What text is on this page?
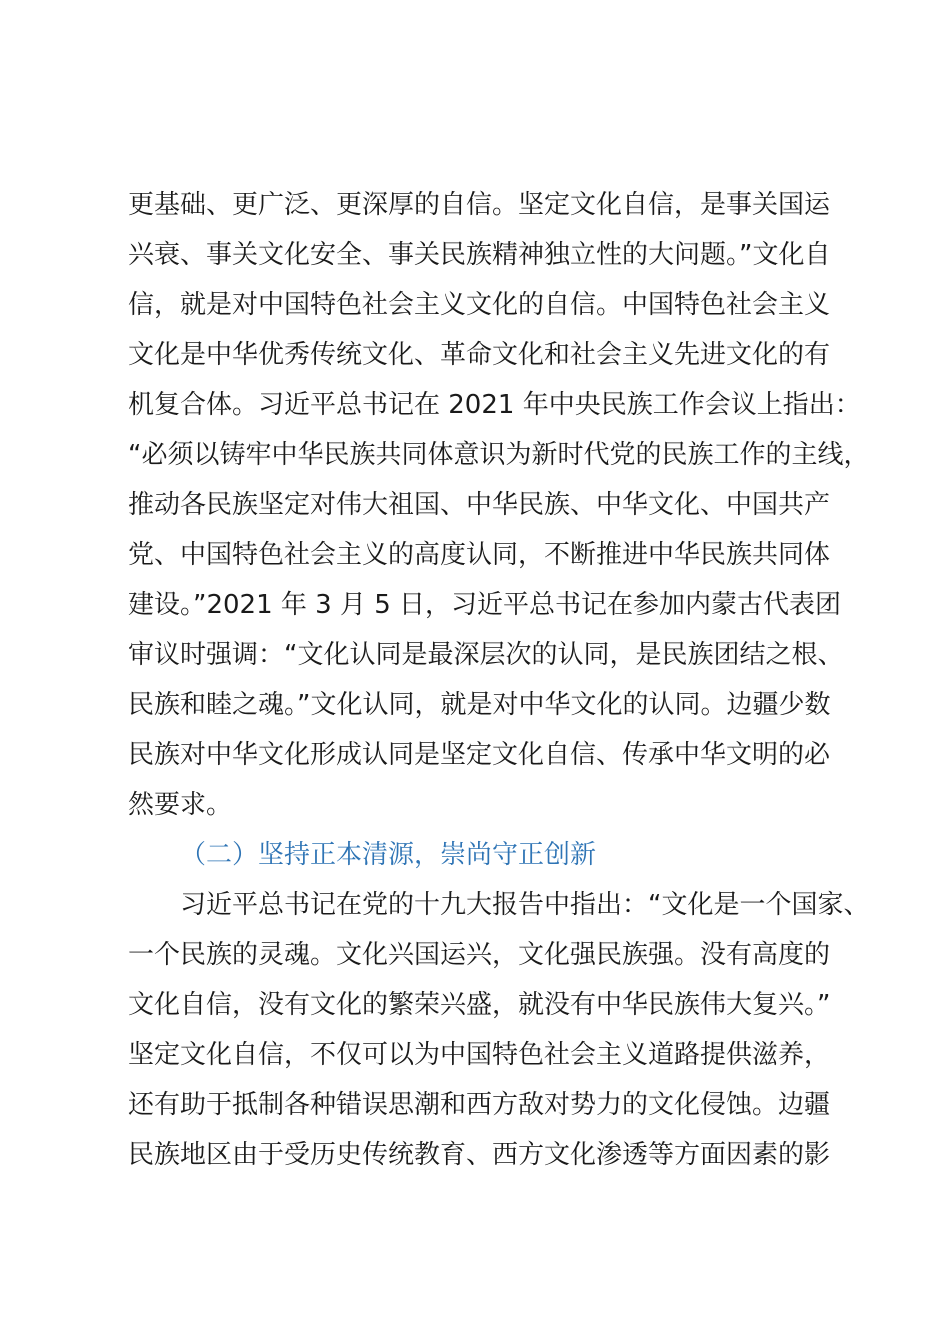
更基础、更广泛、更深厚的自信。坚定文化自信，是事关国运
兴衰、事关文化安全、事关民族精神独立性的大问题。”文化自
信，就是对中国特色社会主义文化的自信。中国特色社会主义
文化是中华优秀传统文化、革命文化和社会主义先进文化的有
机复合体。习近平总书记在 2021 年中央民族工作会议上指出：
“必须以铸牢中华民族共同体意识为新时代党的民族工作的主线，
推动各民族坚定对伟大祖国、中华民族、中华文化、中国共产
党、中国特色社会主义的高度认同，不断推进中华民族共同体
建设。”2021 年 3 月 5 日，习近平总书记在参加内蒙古代表团
审议时强调：“文化认同是最深层次的认同，是民族团结之根、
民族和睦之魂。”文化认同，就是对中华文化的认同。边疆少数
民族对中华文化形成认同是坚定文化自信、传承中华文明的必
然要求。
（二）坚持正本清源，崇尚守正创新
习近平总书记在党的十九大报告中指出：“文化是一个国家、
一个民族的灵魂。文化兴国运兴，文化强民族强。没有高度的
文化自信，没有文化的繁荣兴盛，就没有中华民族伟大复兴。”
坚定文化自信，不仅可以为中国特色社会主义道路提供滋养，
还有助于抵制各种错误思潮和西方敌对势力的文化侵蚀。边疆
民族地区由于受历史传统教育、西方文化渗透等方面因素的影
